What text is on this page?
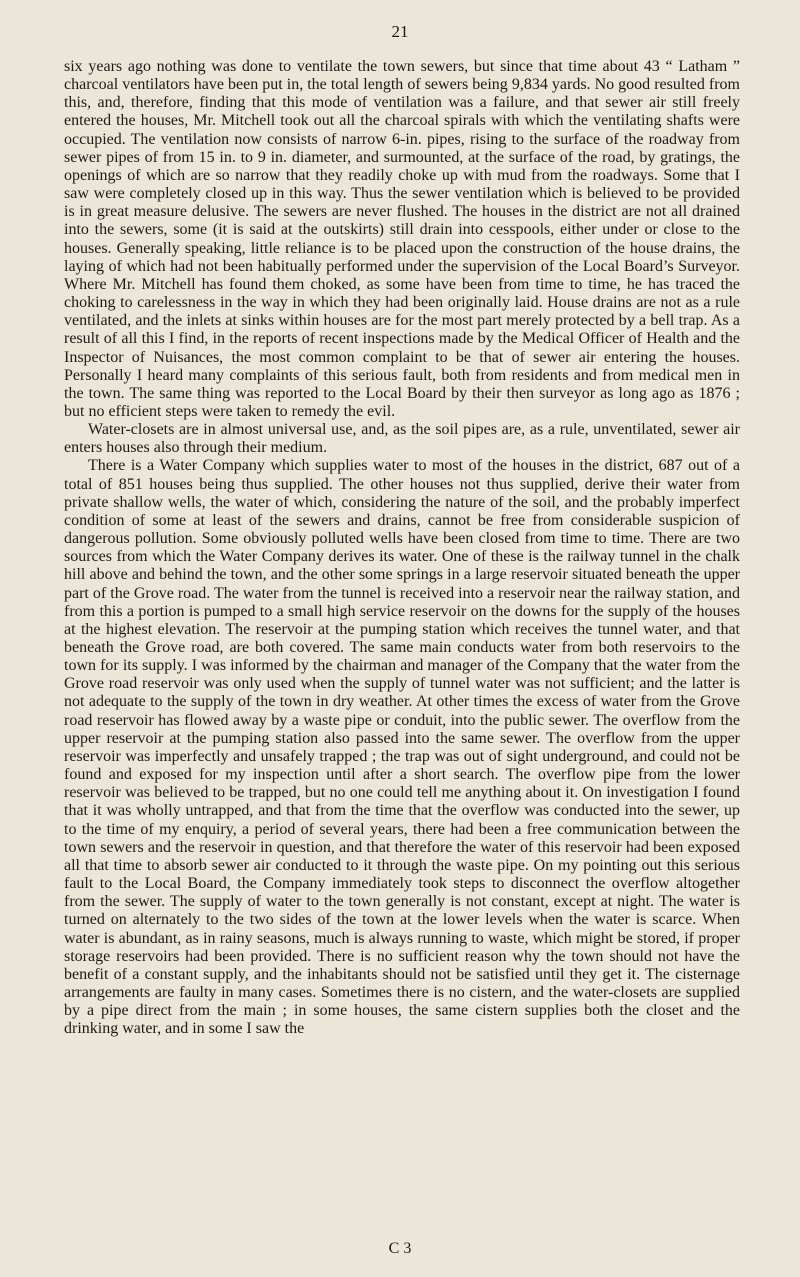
21

six years ago nothing was done to ventilate the town sewers, but since that time about 43 “ Latham ” charcoal ventilators have been put in, the total length of sewers being 9,834 yards. No good resulted from this, and, therefore, finding that this mode of ventilation was a failure, and that sewer air still freely entered the houses, Mr. Mitchell took out all the charcoal spirals with which the ventilating shafts were occupied. The ventilation now consists of narrow 6-in. pipes, rising to the surface of the roadway from sewer pipes of from 15 in. to 9 in. diameter, and surmounted, at the surface of the road, by gratings, the openings of which are so narrow that they readily choke up with mud from the roadways. Some that I saw were completely closed up in this way. Thus the sewer ventilation which is believed to be provided is in great measure delusive. The sewers are never flushed. The houses in the district are not all drained into the sewers, some (it is said at the outskirts) still drain into cesspools, either under or close to the houses. Generally speaking, little reliance is to be placed upon the construction of the house drains, the laying of which had not been habitually performed under the supervision of the Local Board’s Surveyor. Where Mr. Mitchell has found them choked, as some have been from time to time, he has traced the choking to carelessness in the way in which they had been originally laid. House drains are not as a rule ventilated, and the inlets at sinks within houses are for the most part merely protected by a bell trap. As a result of all this I find, in the reports of recent inspections made by the Medical Officer of Health and the Inspector of Nuisances, the most common complaint to be that of sewer air entering the houses. Personally I heard many complaints of this serious fault, both from residents and from medical men in the town. The same thing was reported to the Local Board by their then surveyor as long ago as 1876 ; but no efficient steps were taken to remedy the evil.

Water-closets are in almost universal use, and, as the soil pipes are, as a rule, unventilated, sewer air enters houses also through their medium.

There is a Water Company which supplies water to most of the houses in the district, 687 out of a total of 851 houses being thus supplied. The other houses not thus supplied, derive their water from private shallow wells, the water of which, considering the nature of the soil, and the probably imperfect condition of some at least of the sewers and drains, cannot be free from considerable suspicion of dangerous pollution. Some obviously polluted wells have been closed from time to time. There are two sources from which the Water Company derives its water. One of these is the railway tunnel in the chalk hill above and behind the town, and the other some springs in a large reservoir situated beneath the upper part of the Grove road. The water from the tunnel is received into a reservoir near the railway station, and from this a portion is pumped to a small high service reservoir on the downs for the supply of the houses at the highest elevation. The reservoir at the pumping station which receives the tunnel water, and that beneath the Grove road, are both covered. The same main conducts water from both reservoirs to the town for its supply. I was informed by the chairman and manager of the Company that the water from the Grove road reservoir was only used when the supply of tunnel water was not sufficient; and the latter is not adequate to the supply of the town in dry weather. At other times the excess of water from the Grove road reservoir has flowed away by a waste pipe or conduit, into the public sewer. The overflow from the upper reservoir at the pumping station also passed into the same sewer. The overflow from the upper reservoir was imperfectly and unsafely trapped ; the trap was out of sight underground, and could not be found and exposed for my inspection until after a short search. The overflow pipe from the lower reservoir was believed to be trapped, but no one could tell me anything about it. On investigation I found that it was wholly untrapped, and that from the time that the overflow was conducted into the sewer, up to the time of my enquiry, a period of several years, there had been a free communication between the town sewers and the reservoir in question, and that therefore the water of this reservoir had been exposed all that time to absorb sewer air conducted to it through the waste pipe. On my pointing out this serious fault to the Local Board, the Company immediately took steps to disconnect the overflow altogether from the sewer. The supply of water to the town generally is not constant, except at night. The water is turned on alternately to the two sides of the town at the lower levels when the water is scarce. When water is abundant, as in rainy seasons, much is always running to waste, which might be stored, if proper storage reservoirs had been provided. There is no sufficient reason why the town should not have the benefit of a constant supply, and the inhabitants should not be satisfied until they get it. The cisternage arrangements are faulty in many cases. Sometimes there is no cistern, and the water-closets are supplied by a pipe direct from the main ; in some houses, the same cistern supplies both the closet and the drinking water, and in some I saw the

C 3
